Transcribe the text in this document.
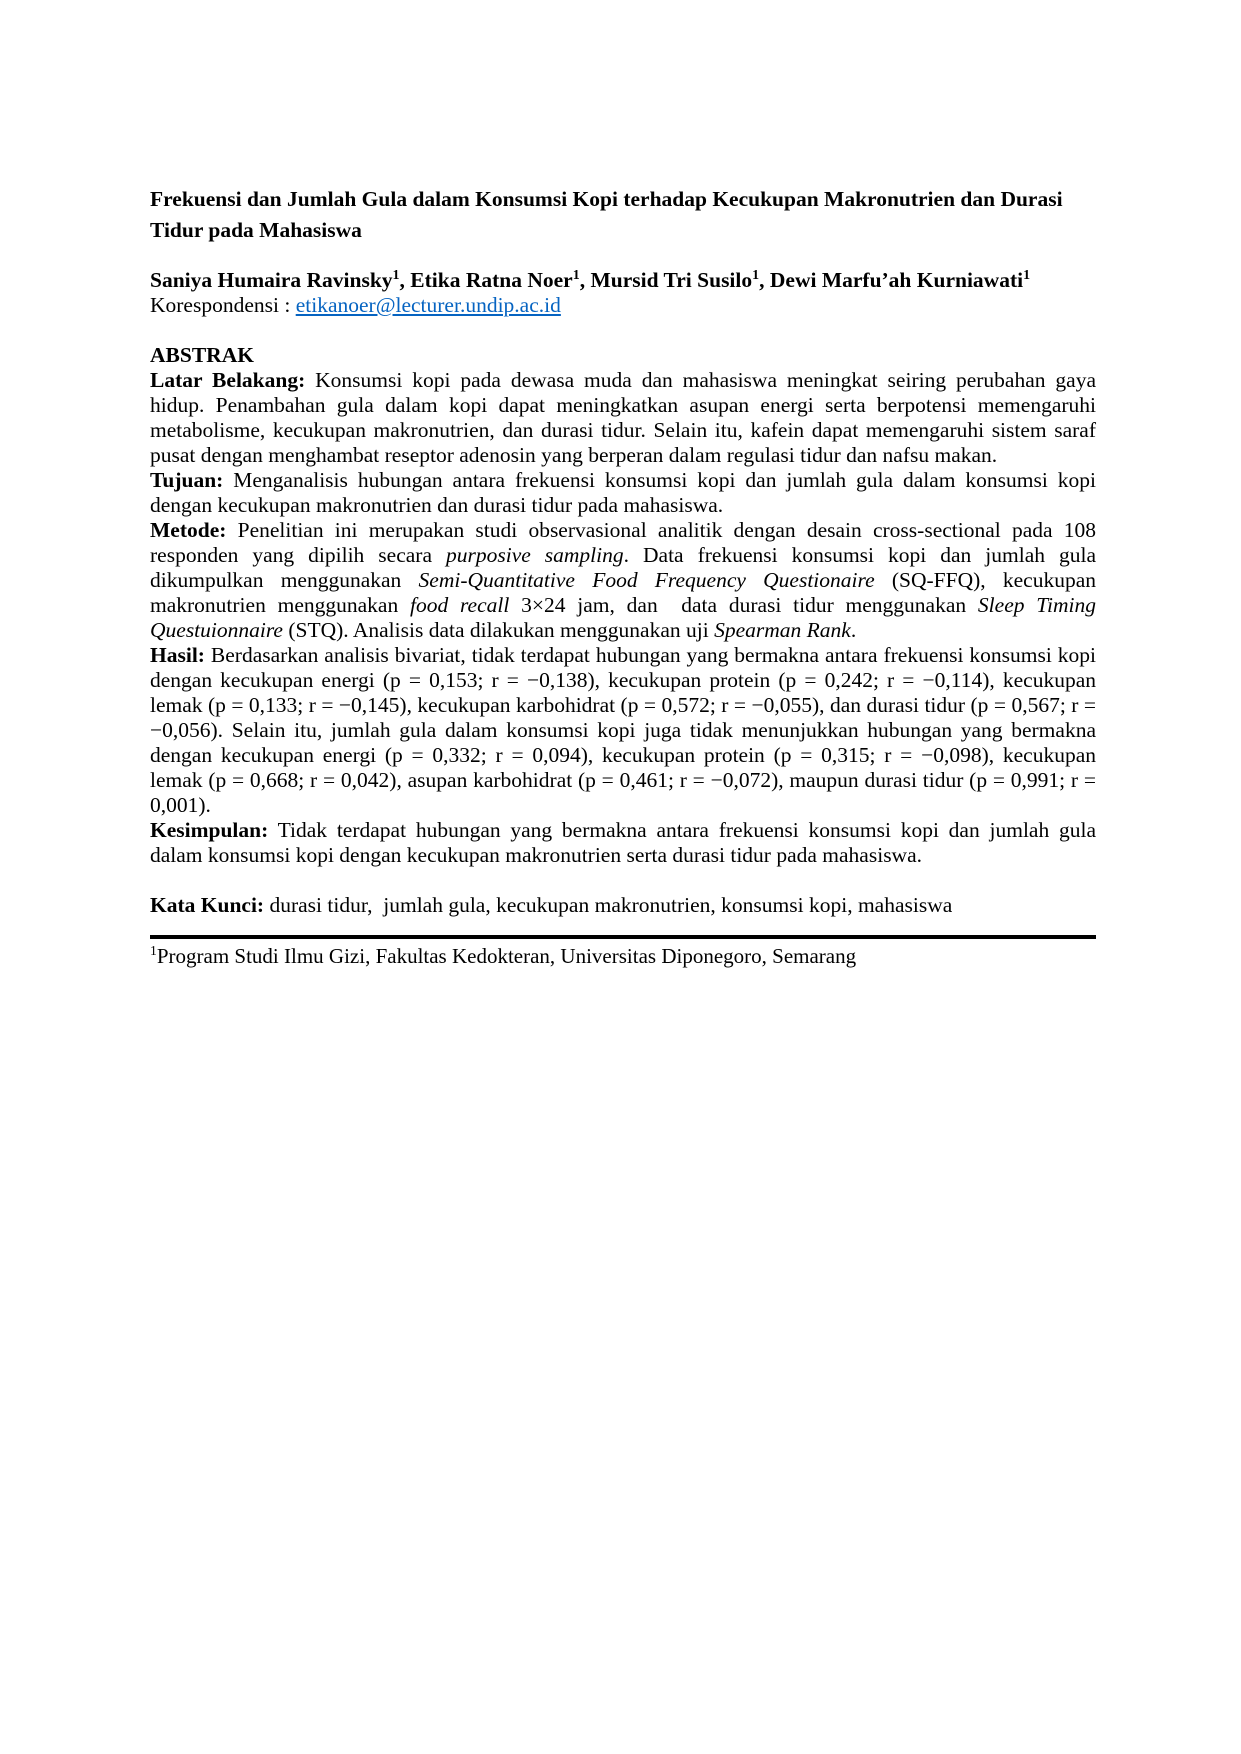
Frekuensi dan Jumlah Gula dalam Konsumsi Kopi terhadap Kecukupan Makronutrien dan Durasi Tidur pada Mahasiswa

Saniya Humaira Ravinsky$^1$, Etika Ratna Noer$^1$, Mursid Tri Susilo$^1$, Dewi Marfu’ah Kurniawati$^1$

Korespondensi : etikanoer@lecturer.undip.ac.id

ABSTRAK

Latar Belakang: Konsumsi kopi pada dewasa muda dan mahasiswa meningkat seiring perubahan gaya hidup. Penambahan gula dalam kopi dapat meningkatkan asupan energi serta berpotensi memengaruhi metabolisme, kecukupan makronutrien, dan durasi tidur. Selain itu, kafein dapat memengaruhi sistem saraf pusat dengan menghambat reseptor adenosin yang berperan dalam regulasi tidur dan nafsu makan.

Tujuan: Menganalisis hubungan antara frekuensi konsumsi kopi dan jumlah gula dalam konsumsi kopi dengan kecukupan makronutrien dan durasi tidur pada mahasiswa.

Metode: Penelitian ini merupakan studi observasional analitik dengan desain cross-sectional pada 108 responden yang dipilih secara purposive sampling. Data frekuensi konsumsi kopi dan jumlah gula dikumpulkan menggunakan Semi-Quantitative Food Frequency Questionaire (SQ-FFQ), kecukupan makronutrien menggunakan food recall 3×24 jam, dan  data durasi tidur menggunakan Sleep Timing Questuionnaire (STQ). Analisis data dilakukan menggunakan uji Spearman Rank.

Hasil: Berdasarkan analisis bivariat, tidak terdapat hubungan yang bermakna antara frekuensi konsumsi kopi dengan kecukupan energi (p = 0,153; r = −0,138), kecukupan protein (p = 0,242; r = −0,114), kecukupan lemak (p = 0,133; r = −0,145), kecukupan karbohidrat (p = 0,572; r = −0,055), dan durasi tidur (p = 0,567; r = −0,056). Selain itu, jumlah gula dalam konsumsi kopi juga tidak menunjukkan hubungan yang bermakna dengan kecukupan energi (p = 0,332; r = 0,094), kecukupan protein (p = 0,315; r = −0,098), kecukupan lemak (p = 0,668; r = 0,042), asupan karbohidrat (p = 0,461; r = −0,072), maupun durasi tidur (p = 0,991; r = 0,001).

Kesimpulan: Tidak terdapat hubungan yang bermakna antara frekuensi konsumsi kopi dan jumlah gula dalam konsumsi kopi dengan kecukupan makronutrien serta durasi tidur pada mahasiswa.

Kata Kunci: durasi tidur,  jumlah gula, kecukupan makronutrien, konsumsi kopi, mahasiswa

$^1$Program Studi Ilmu Gizi, Fakultas Kedokteran, Universitas Diponegoro, Semarang
